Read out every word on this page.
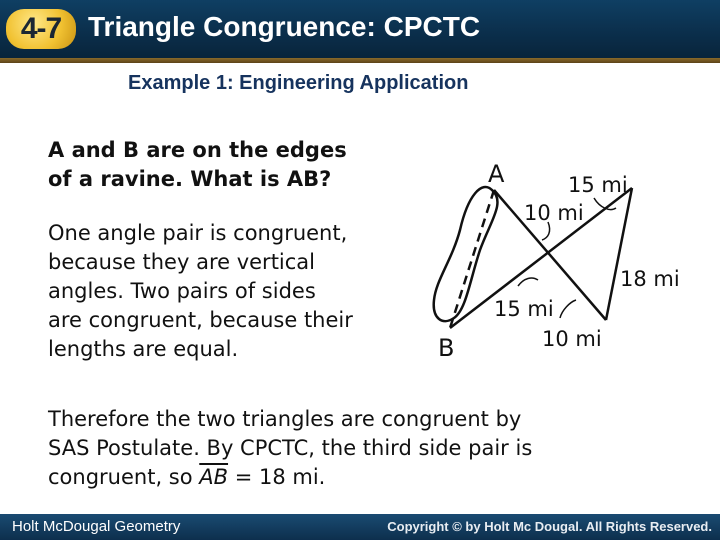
4-7 Triangle Congruence: CPCTC
Example 1: Engineering Application
A and B are on the edges
of a ravine. What is AB?
One angle pair is congruent,
because they are vertical
angles. Two pairs of sides
are congruent, because their
lengths are equal.
Therefore the two triangles are congruent by
SAS Postulate. By CPCTC, the third side pair is
congruent, so $\overline{AB} = 18$ mi.
A
B
15 mi
10 mi
18 mi
15 mi
10 mi
Holt McDougal Geometry	Copyright © by Holt Mc Dougal. All Rights Reserved.
